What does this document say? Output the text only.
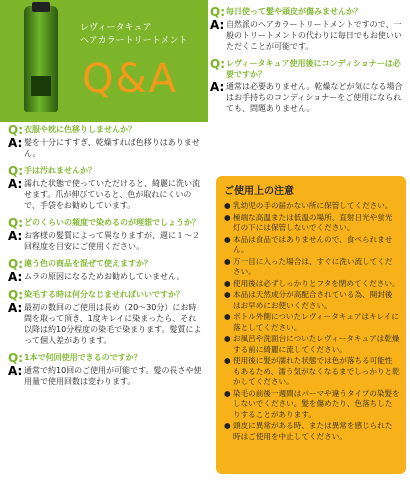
レヴィータキュア
ヘアカラートリートメント
Q&A
Q: 衣服や枕に色移りしませんか？
A: 髪を十分にすすぎ、乾燥すれば色移りはありません。
Q: 手は汚れませんか？
A: 濡れた状態で使っていただけると、綺麗に洗い流せます。爪が伸びていると、色が取れにくいので、手袋をお勧めしています。
Q: どのくらいの頻度で染めるのが理想でしょうか？
A: お客様の髪質によって異なりますが、週に１～２回程度を目安にご使用ください。
Q: 違う色の商品を混ぜて使えますか？
A: ムラの原因になるためお勧めしていません。
Q: 染毛する時は何分なじませればいいですか？
A: 最初の数回のご使用は長め（20～30分）にお時間を取って頂き、1度キレイに染まったら、それ以降は約10分程度の染毛で染まります。髪質によって個人差があります。
Q: 1本で何回使用できるのですか？
A: 通常で約10回のご使用が可能です。髪の長さや使用量で使用回数は変わります。
Q: 毎日使って髪や頭皮が傷みませんか？
A: 自然派のヘアカラートリートメントですので、一般のトリートメントの代わりに毎日でもお使いいただくことが可能です。
Q: レヴィータキュア使用後にコンディショナーは必要ですか？
A: 通常は必要ありません。乾燥などが気になる場合はお手持ちのコンディショナーをご使用になられても、問題ありません。
ご使用上の注意
● 乳幼児の手の届かない所に保管してください。
● 極端な高温または低温の場所、直射日光や蛍光灯の下には保管しないでください。
● 本品は食品ではありませんので、食べられません。
● 万一目に入った場合は、すぐに洗い流してください。
● 使用後は必ずしっかりとフタを閉めてください。
● 本品は天然成分が高配合されている為、開封後はお早めにお使いください。
● ボトル外側についたレヴィータキュアはキレイに落としてください。
● お風呂や洗面台についたレヴィータキュアは乾燥する前に綺麗に流してください。
● 使用後に髪が濡れた状態では色が落ちる可能性もあるため、濡う気がなくなるまでしっかりと乾かしてください。
● 染毛の前後一週間はパーマや違うタイプの染髪をしないでください。髪を傷めたり、色落ちしたりすることがあります。
● 頭皮に異常がある時、または異常を感じられた時はご使用を中止してください。
